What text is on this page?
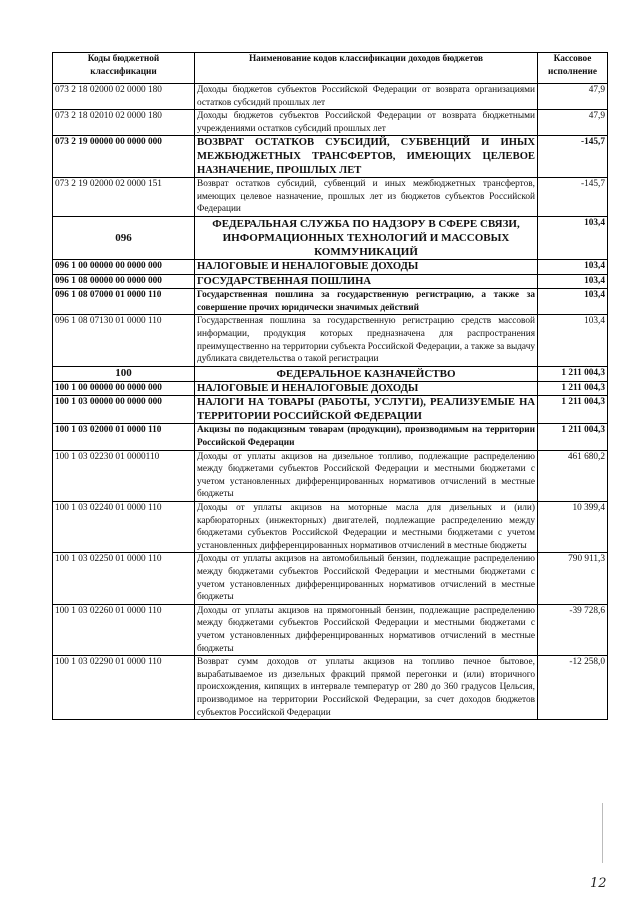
Коды бюджетной классификации	Наименование кодов классификации доходов бюджетов	Кассовое исполнение
073 2 18 02000 02 0000 180	Доходы бюджетов субъектов Российской Федерации от возврата организациями остатков субсидий прошлых лет	47,9
073 2 18 02010 02 0000 180	Доходы бюджетов субъектов Российской Федерации от возврата бюджетными учреждениями остатков субсидий прошлых лет	47,9
073 2 19 00000 00 0000 000	ВОЗВРАТ ОСТАТКОВ СУБСИДИЙ, СУБВЕНЦИЙ И ИНЫХ МЕЖБЮДЖЕТНЫХ ТРАНСФЕРТОВ, ИМЕЮЩИХ ЦЕЛЕВОЕ НАЗНАЧЕНИЕ, ПРОШЛЫХ ЛЕТ	-145,7
073 2 19 02000 02 0000 151	Возврат остатков субсидий, субвенций и иных межбюджетных трансфертов, имеющих целевое назначение, прошлых лет из бюджетов субъектов Российской Федерации	-145,7
096	ФЕДЕРАЛЬНАЯ СЛУЖБА ПО НАДЗОРУ В СФЕРЕ СВЯЗИ, ИНФОРМАЦИОННЫХ ТЕХНОЛОГИЙ И МАССОВЫХ КОММУНИКАЦИЙ	103,4
096 1 00 00000 00 0000 000	НАЛОГОВЫЕ И НЕНАЛОГОВЫЕ ДОХОДЫ	103,4
096 1 08 00000 00 0000 000	ГОСУДАРСТВЕННАЯ ПОШЛИНА	103,4
096 1 08 07000 01 0000 110	Государственная пошлина за государственную регистрацию, а также за совершение прочих юридически значимых действий	103,4
096 1 08 07130 01 0000 110	Государственная пошлина за государственную регистрацию средств массовой информации, продукция которых предназначена для распространения преимущественно на территории субъекта Российской Федерации, а также за выдачу дубликата свидетельства о такой регистрации	103,4
100	ФЕДЕРАЛЬНОЕ КАЗНАЧЕЙСТВО	1 211 004,3
100 1 00 00000 00 0000 000	НАЛОГОВЫЕ И НЕНАЛОГОВЫЕ ДОХОДЫ	1 211 004,3
100 1 03 00000 00 0000 000	НАЛОГИ НА ТОВАРЫ (РАБОТЫ, УСЛУГИ), РЕАЛИЗУЕМЫЕ НА ТЕРРИТОРИИ РОССИЙСКОЙ ФЕДЕРАЦИИ	1 211 004,3
100 1 03 02000 01 0000 110	Акцизы по подакцизным товарам (продукции), производимым на территории Российской Федерации	1 211 004,3
100 1 03 02230 01 0000110	Доходы от уплаты акцизов на дизельное топливо, подлежащие распределению между бюджетами субъектов Российской Федерации и местными бюджетами с учетом установленных дифференцированных нормативов отчислений в местные бюджеты	461 680,2
100 1 03 02240 01 0000 110	Доходы от уплаты акцизов на моторные масла для дизельных и (или) карбюраторных (инжекторных) двигателей, подлежащие распределению между бюджетами субъектов Российской Федерации и местными бюджетами с учетом установленных дифференцированных нормативов отчислений в местные бюджеты	10 399,4
100 1 03 02250 01 0000 110	Доходы от уплаты акцизов на автомобильный бензин, подлежащие распределению между бюджетами субъектов Российской Федерации и местными бюджетами с учетом установленных дифференцированных нормативов отчислений в местные бюджеты	790 911,3
100 1 03 02260 01 0000 110	Доходы от уплаты акцизов на прямогонный бензин, подлежащие распределению между бюджетами субъектов Российской Федерации и местными бюджетами с учетом установленных дифференцированных нормативов отчислений в местные бюджеты	-39 728,6
100 1 03 02290 01 0000 110	Возврат сумм доходов от уплаты акцизов на топливо печное бытовое, вырабатываемое из дизельных фракций прямой перегонки и (или) вторичного происхождения, кипящих в интервале температур от 280 до 360 градусов Цельсия, производимое на территории Российской Федерации, за счет доходов бюджетов субъектов Российской Федерации	-12 258,0
12
